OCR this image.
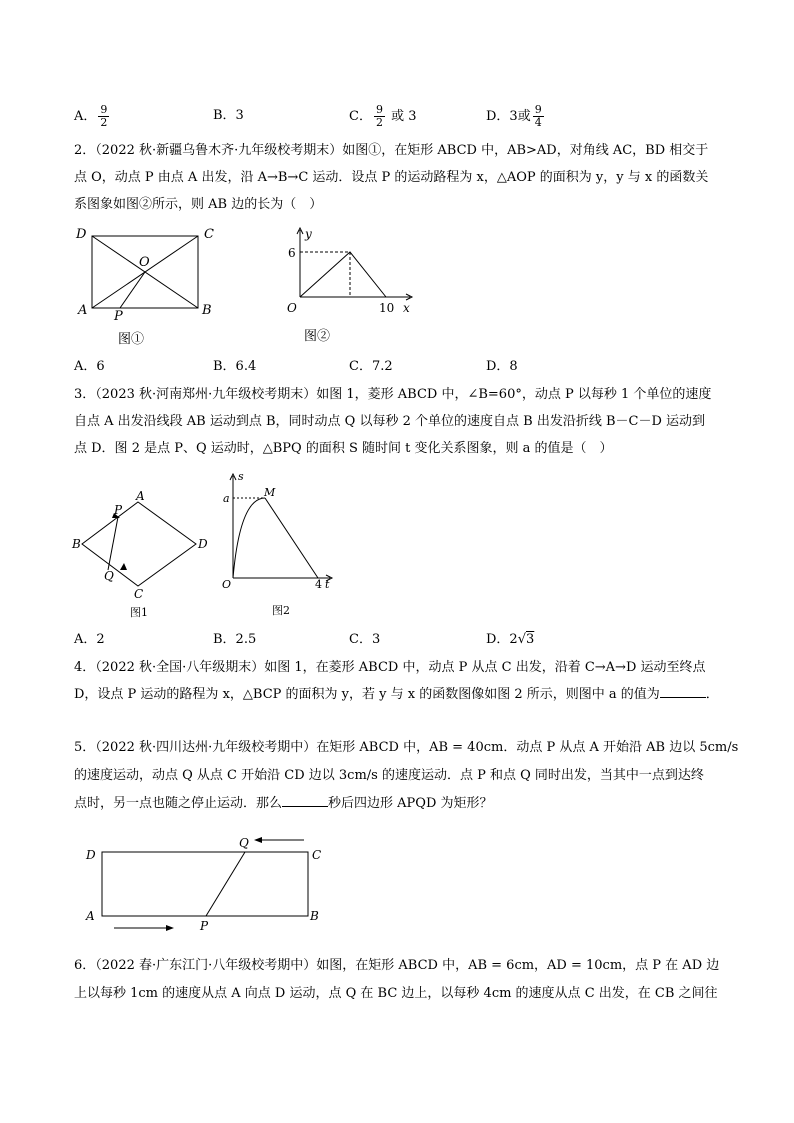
A． $\frac{9}{2}$	B．3	C． $\frac{9}{2}$ 或 3	D．3或 $\frac{9}{4}$
2．（2022 秋·新疆乌鲁木齐·九年级校考期末）如图①，在矩形 ABCD 中，AB>AD，对角线 AC，BD 相交于
点 O，动点 P 由点 A 出发，沿 A→B→C 运动．设点 P 的运动路程为 x，△AOP 的面积为 y，y 与 x 的函数关
系图象如图②所示，则 AB 边的长为（　）
D	C
O
A P	B
图①
y
6
O	10 x
图②
A．6	B．6.4	C．7.2	D．8
3．（2023 秋·河南郑州·九年级校考期末）如图 1，菱形 ABCD 中，∠B=60°，动点 P 以每秒 1 个单位的速度
自点 A 出发沿线段 AB 运动到点 B，同时动点 Q 以每秒 2 个单位的速度自点 B 出发沿折线 B－C－D 运动到
点 D．图 2 是点 P、Q 运动时，△BPQ 的面积 S 随时间 t 变化关系图象，则 a 的值是（　）
A
P
B	D
Q
C
图1
s
a	M
O	4 t
图2
A．2	B．2.5	C．3	D．2√3
4．（2022 秋·全国·八年级期末）如图 1，在菱形 ABCD 中，动点 P 从点 C 出发，沿着 C→A→D 运动至终点
D，设点 P 运动的路程为 x，△BCP 的面积为 y，若 y 与 x 的函数图像如图 2 所示，则图中 a 的值为	．
5．（2022 秋·四川达州·九年级校考期中）在矩形 ABCD 中，AB = 40cm．动点 P 从点 A 开始沿 AB 边以 5cm/s
的速度运动，动点 Q 从点 C 开始沿 CD 边以 3cm/s 的速度运动．点 P 和点 Q 同时出发，当其中一点到达终
点时，另一点也随之停止运动．那么	秒后四边形 APQD 为矩形？
D
Q
C
A
P
B
6．（2022 春·广东江门·八年级校考期中）如图，在矩形 ABCD 中，AB = 6cm，AD = 10cm，点 P 在 AD 边
上以每秒 1cm 的速度从点 A 向点 D 运动，点 Q 在 BC 边上，以每秒 4cm 的速度从点 C 出发，在 CB 之间往
